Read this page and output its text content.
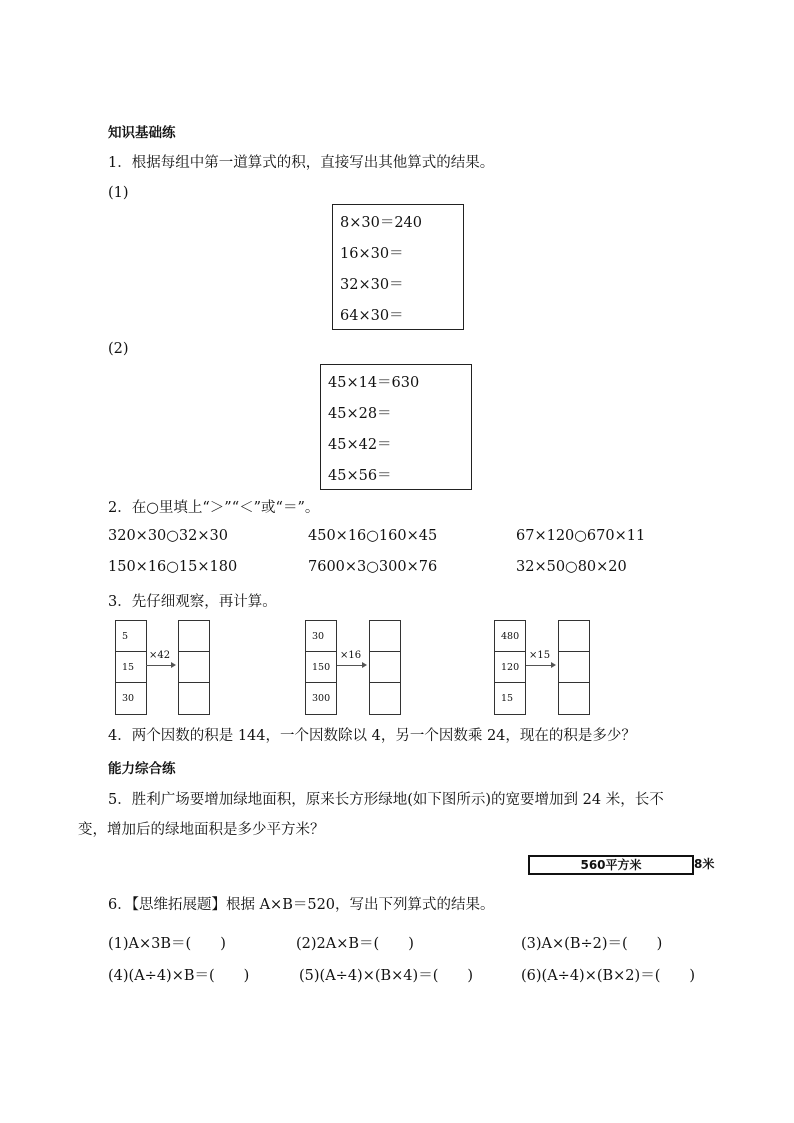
知识基础练
1．根据每组中第一道算式的积，直接写出其他算式的结果。
(1)
8×30＝240
16×30＝
32×30＝
64×30＝
(2)
45×14＝630
45×28＝
45×42＝
45×56＝
2．在○里填上“＞”“＜”或“＝”。
320×30○32×30	450×16○160×45	67×120○670×11
150×16○15×180	7600×3○300×76	32×50○80×20
3．先仔细观察，再计算。
5
15
30
×42
30
150
300
×16
480
120
15
×15
4．两个因数的积是 144，一个因数除以 4，另一个因数乘 24，现在的积是多少？
能力综合练
5．胜利广场要增加绿地面积，原来长方形绿地(如下图所示)的宽要增加到 24 米，长不
变，增加后的绿地面积是多少平方米？
560平方米	8米
6．【思维拓展题】根据 A×B＝520，写出下列算式的结果。
(1)A×3B＝(　　)	(2)2A×B＝(　　)	(3)A×(B÷2)＝(　　)
(4)(A÷4)×B＝(　　)	(5)(A÷4)×(B×4)＝(　　)	(6)(A÷4)×(B×2)＝(　　)
